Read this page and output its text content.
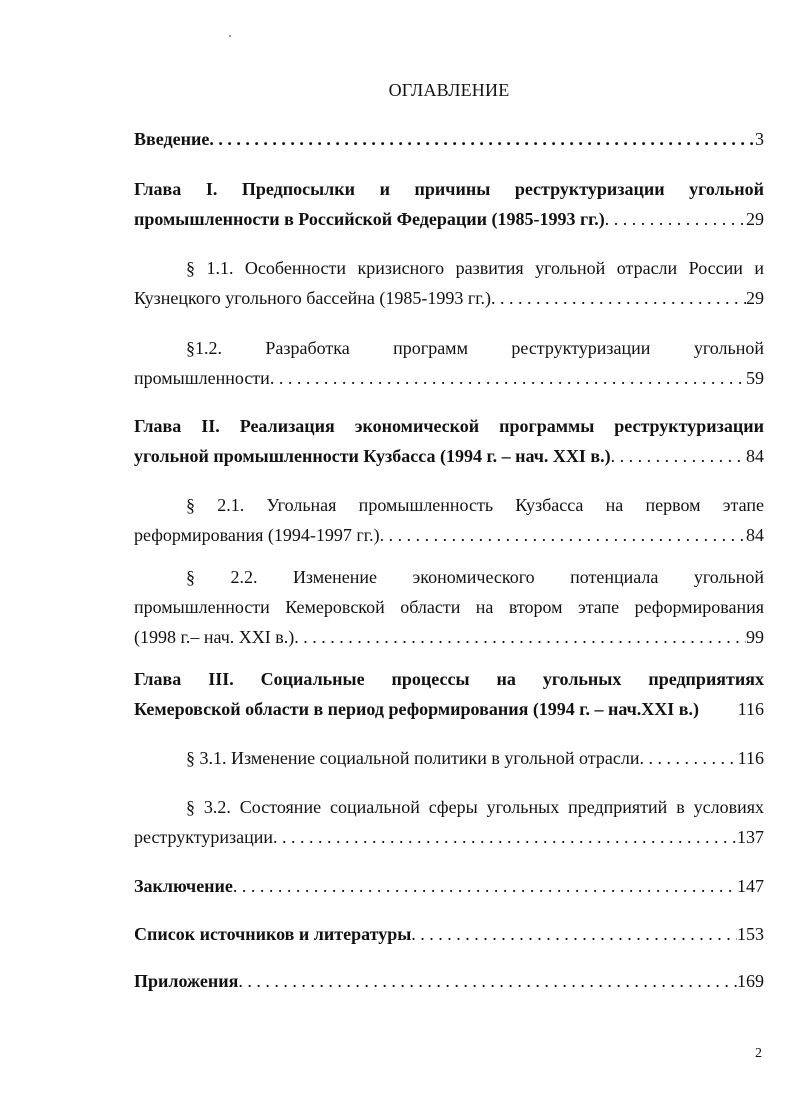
ОГЛАВЛЕНИЕ
Введение . . .	3
Глава I. Предпосылки и причины реструктуризации угольной
промышленности в Российской Федерации (1985-1993 гг.) . . .	29
§ 1.1. Особенности кризисного развития угольной отрасли России и
Кузнецкого угольного бассейна (1985-1993 гг.) . . .	29
§1.2. Разработка программ реструктуризации угольной
промышленности . . .	59
Глава II. Реализация экономической программы реструктуризации
угольной промышленности Кузбасса (1994 г. – нач. XXI в.) . . .	84
§ 2.1. Угольная промышленность Кузбасса на первом этапе
реформирования (1994-1997 гг.) . . .	84
§ 2.2. Изменение экономического потенциала угольной
промышленности Кемеровской области на втором этапе реформирования
(1998 г.– нач. XXI в.) . . .	99
Глава III. Социальные процессы на угольных предприятиях
Кемеровской области в период реформирования (1994 г. – нач.XXI в.) 116
§ 3.1. Изменение социальной политики в угольной отрасли . . .	116
§ 3.2. Состояние социальной сферы угольных предприятий в условиях
реструктуризации . . .	137
Заключение . . .	147
Список источников и литературы . . .	153
Приложения . . .	169
2
